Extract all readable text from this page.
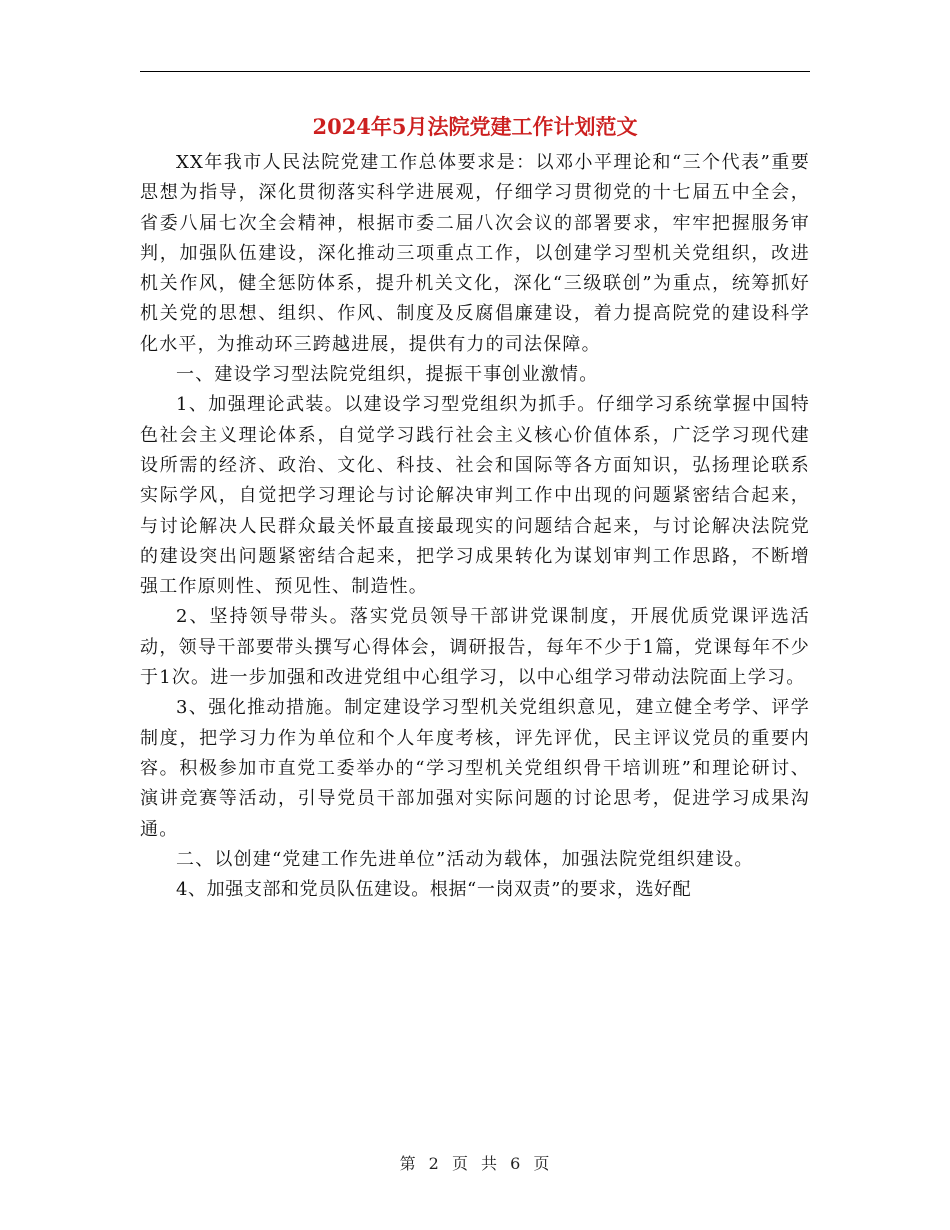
2024年5月法院党建工作计划范文

XX年我市人民法院党建工作总体要求是：以邓小平理论和“三个代表”重要思想为指导，深化贯彻落实科学进展观，仔细学习贯彻党的十七届五中全会，省委八届七次全会精神，根据市委二届八次会议的部署要求，牢牢把握服务审判，加强队伍建设，深化推动三项重点工作，以创建学习型机关党组织，改进机关作风，健全惩防体系，提升机关文化，深化“三级联创”为重点，统筹抓好机关党的思想、组织、作风、制度及反腐倡廉建设，着力提高院党的建设科学化水平，为推动环三跨越进展，提供有力的司法保障。

一、建设学习型法院党组织，提振干事创业激情。

1、加强理论武装。以建设学习型党组织为抓手。仔细学习系统掌握中国特色社会主义理论体系，自觉学习践行社会主义核心价值体系，广泛学习现代建设所需的经济、政治、文化、科技、社会和国际等各方面知识，弘扬理论联系实际学风，自觉把学习理论与讨论解决审判工作中出现的问题紧密结合起来，与讨论解决人民群众最关怀最直接最现实的问题结合起来，与讨论解决法院党的建设突出问题紧密结合起来，把学习成果转化为谋划审判工作思路，不断增强工作原则性、预见性、制造性。

2、坚持领导带头。落实党员领导干部讲党课制度，开展优质党课评选活动，领导干部要带头撰写心得体会，调研报告，每年不少于1篇，党课每年不少于1次。进一步加强和改进党组中心组学习，以中心组学习带动法院面上学习。

3、强化推动措施。制定建设学习型机关党组织意见，建立健全考学、评学制度，把学习力作为单位和个人年度考核，评先评优，民主评议党员的重要内容。积极参加市直党工委举办的“学习型机关党组织骨干培训班”和理论研讨、演讲竞赛等活动，引导党员干部加强对实际问题的讨论思考，促进学习成果沟通。

二、以创建“党建工作先进单位”活动为载体，加强法院党组织建设。

4、加强支部和党员队伍建设。根据“一岗双责”的要求，选好配

第 2 页 共 6 页
